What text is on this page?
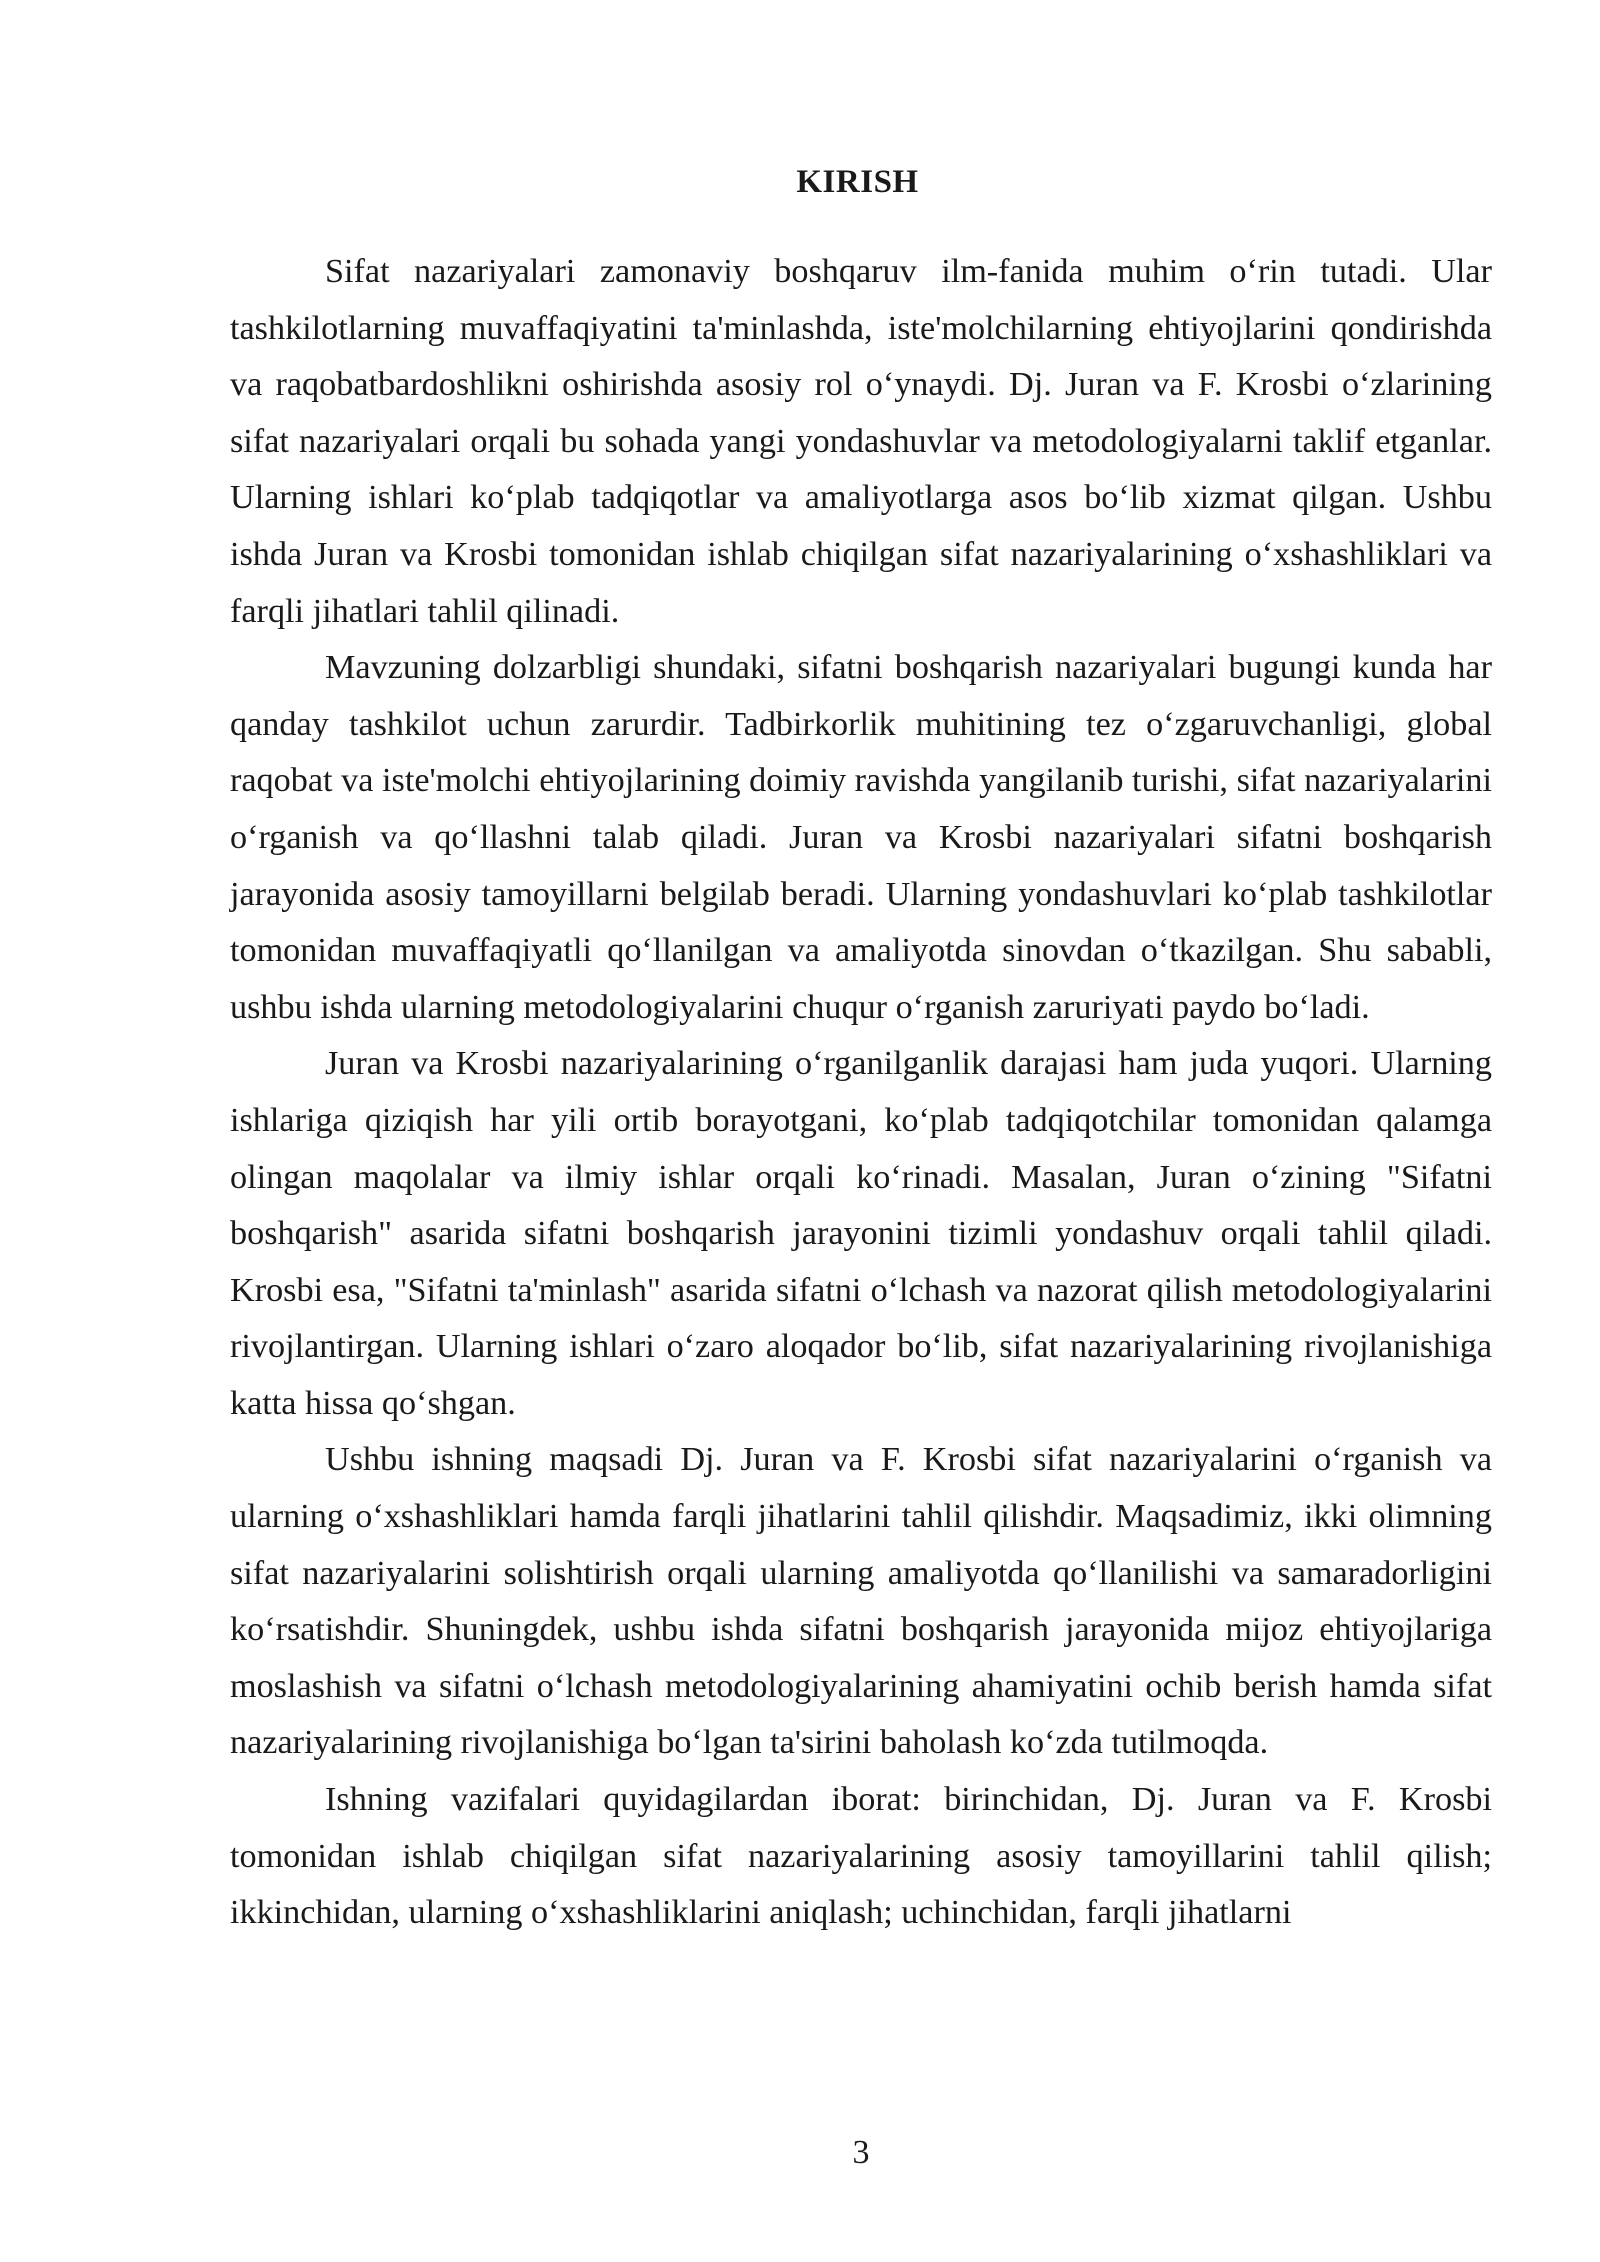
KIRISH

Sifat nazariyalari zamonaviy boshqaruv ilm-fanida muhim o‘rin tutadi. Ular tashkilotlarning muvaffaqiyatini ta'minlashda, iste'molchilarning ehtiyojlarini qondirishda va raqobatbardoshlikni oshirishda asosiy rol o‘ynaydi. Dj. Juran va F. Krosbi o‘zlarining sifat nazariyalari orqali bu sohada yangi yondashuvlar va metodologiyalarni taklif etganlar. Ularning ishlari ko‘plab tadqiqotlar va amaliyotlarga asos bo‘lib xizmat qilgan. Ushbu ishda Juran va Krosbi tomonidan ishlab chiqilgan sifat nazariyalarining o‘xshashliklari va farqli jihatlari tahlil qilinadi.

Mavzuning dolzarbligi shundaki, sifatni boshqarish nazariyalari bugungi kunda har qanday tashkilot uchun zarurdir. Tadbirkorlik muhitining tez o‘zgaruvchanligi, global raqobat va iste'molchi ehtiyojlarining doimiy ravishda yangilanib turishi, sifat nazariyalarini o‘rganish va qo‘llashni talab qiladi. Juran va Krosbi nazariyalari sifatni boshqarish jarayonida asosiy tamoyillarni belgilab beradi. Ularning yondashuvlari ko‘plab tashkilotlar tomonidan muvaffaqiyatli qo‘llanilgan va amaliyotda sinovdan o‘tkazilgan. Shu sababli, ushbu ishda ularning metodologiyalarini chuqur o‘rganish zaruriyati paydo bo‘ladi.

Juran va Krosbi nazariyalarining o‘rganilganlik darajasi ham juda yuqori. Ularning ishlariga qiziqish har yili ortib borayotgani, ko‘plab tadqiqotchilar tomonidan qalamga olingan maqolalar va ilmiy ishlar orqali ko‘rinadi. Masalan, Juran o‘zining "Sifatni boshqarish" asarida sifatni boshqarish jarayonini tizimli yondashuv orqali tahlil qiladi. Krosbi esa, "Sifatni ta'minlash" asarida sifatni o‘lchash va nazorat qilish metodologiyalarini rivojlantirgan. Ularning ishlari o‘zaro aloqador bo‘lib, sifat nazariyalarining rivojlanishiga katta hissa qo‘shgan.

Ushbu ishning maqsadi Dj. Juran va F. Krosbi sifat nazariyalarini o‘rganish va ularning o‘xshashliklari hamda farqli jihatlarini tahlil qilishdir. Maqsadimiz, ikki olimning sifat nazariyalarini solishtirish orqali ularning amaliyotda qo‘llanilishi va samaradorligini ko‘rsatishdir. Shuningdek, ushbu ishda sifatni boshqarish jarayonida mijoz ehtiyojlariga moslashish va sifatni o‘lchash metodologiyalarining ahamiyatini ochib berish hamda sifat nazariyalarining rivojlanishiga bo‘lgan ta'sirini baholash ko‘zda tutilmoqda.

Ishning vazifalari quyidagilardan iborat: birinchidan, Dj. Juran va F. Krosbi tomonidan ishlab chiqilgan sifat nazariyalarining asosiy tamoyillarini tahlil qilish; ikkinchidan, ularning o‘xshashliklarini aniqlash; uchinchidan, farqli jihatlarni

3
